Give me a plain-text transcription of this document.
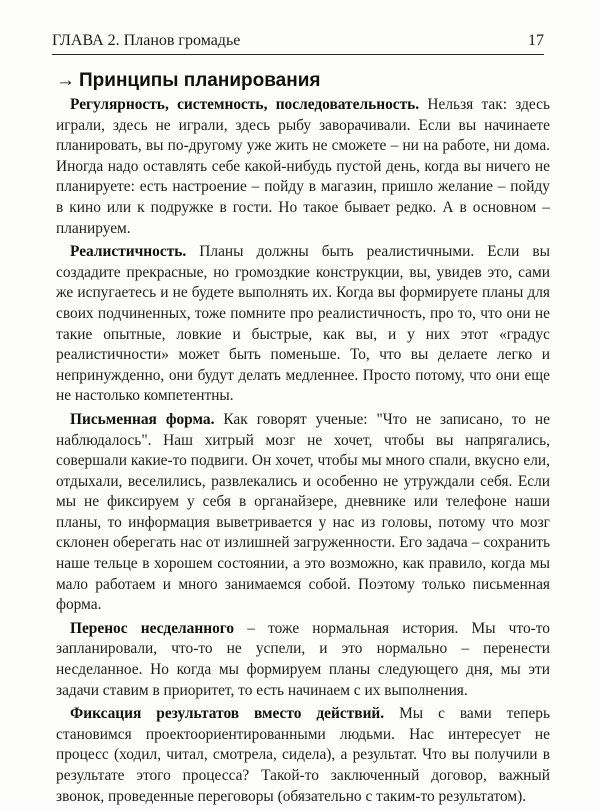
ГЛАВА 2. Планов громадье	17
→ Принципы планирования

Регулярность, системность, последовательность. Нельзя так: здесь играли, здесь не играли, здесь рыбу заворачивали. Если вы начинаете планировать, вы по-другому уже жить не сможете – ни на работе, ни дома. Иногда надо оставлять себе какой-нибудь пустой день, когда вы ничего не планируете: есть настроение – пойду в магазин, пришло желание – пойду в кино или к подружке в гости. Но такое бывает редко. А в основном – планируем.

Реалистичность. Планы должны быть реалистичными. Если вы создадите прекрасные, но громоздкие конструкции, вы, увидев это, сами же испугаетесь и не будете выполнять их. Когда вы формируете планы для своих подчиненных, тоже помните про реалистичность, про то, что они не такие опытные, ловкие и быстрые, как вы, и у них этот «градус реалистичности» может быть поменьше. То, что вы делаете легко и непринужденно, они будут делать медленнее. Просто потому, что они еще не настолько компетентны.

Письменная форма. Как говорят ученые: "Что не записано, то не наблюдалось". Наш хитрый мозг не хочет, чтобы вы напрягались, совершали какие-то подвиги. Он хочет, чтобы мы много спали, вкусно ели, отдыхали, веселились, развлекались и особенно не утруждали себя. Если мы не фиксируем у себя в органайзере, дневнике или телефоне наши планы, то информация выветривается у нас из головы, потому что мозг склонен оберегать нас от излишней загруженности. Его задача – сохранить наше тельце в хорошем состоянии, а это возможно, как правило, когда мы мало работаем и много занимаемся собой. Поэтому только письменная форма.

Перенос несделанного – тоже нормальная история. Мы что-то запланировали, что-то не успели, и это нормально – перенести несделанное. Но когда мы формируем планы следующего дня, мы эти задачи ставим в приоритет, то есть начинаем с их выполнения.

Фиксация результатов вместо действий. Мы с вами теперь становимся проектоориентированными людьми. Нас интересует не процесс (ходил, читал, смотрела, сидела), а результат. Что вы получили в результате этого процесса? Такой-то заключенный договор, важный звонок, проведенные переговоры (обязательно с таким-то результатом).
